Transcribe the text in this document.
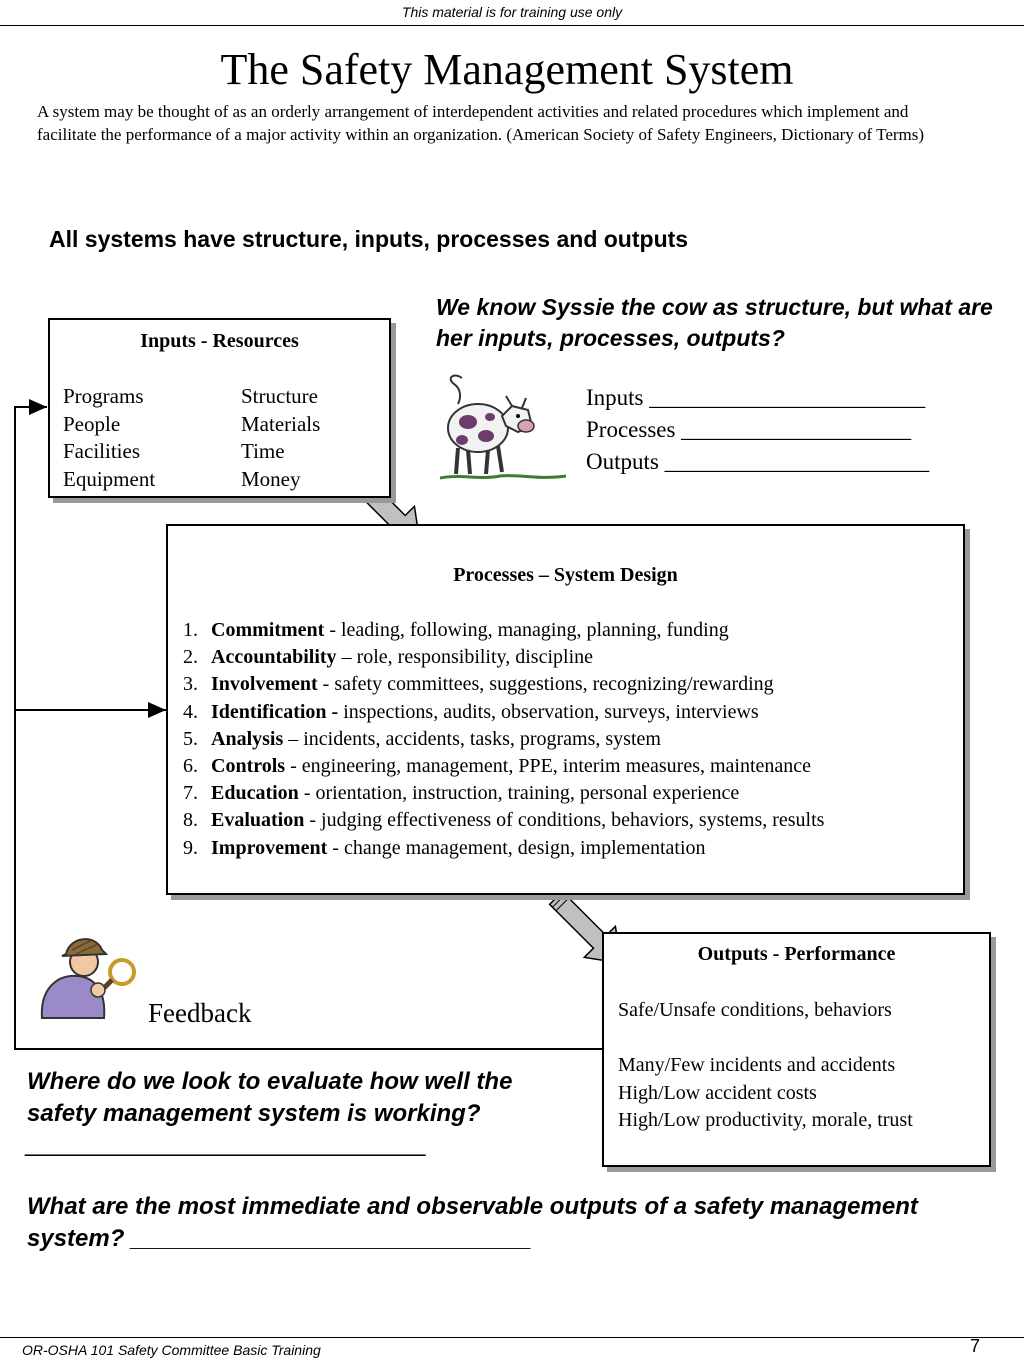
This material is for training use only
The Safety Management System
A system may be thought of as an orderly arrangement of interdependent activities and related procedures which implement and facilitate the performance of a major activity within an organization. (American Society of Safety Engineers, Dictionary of Terms)
All systems have structure, inputs, processes and outputs
Inputs - Resources
Programs
People
Facilities
Equipment
Structure
Materials
Time
Money
We know Syssie the cow as structure, but what are her inputs, processes, outputs?
Inputs ________________________
Processes ____________________
Outputs _______________________
Processes – System Design
1. Commitment - leading, following, managing, planning, funding
2. Accountability – role, responsibility, discipline
3. Involvement - safety committees, suggestions, recognizing/rewarding
4. Identification - inspections, audits, observation, surveys, interviews
5. Analysis – incidents, accidents, tasks, programs, system
6. Controls - engineering, management, PPE, interim measures, maintenance
7. Education - orientation, instruction, training, personal experience
8. Evaluation - judging effectiveness of conditions, behaviors, systems, results
9. Improvement - change management, design, implementation
Feedback
Outputs - Performance
Safe/Unsafe conditions, behaviors
Many/Few incidents and accidents
High/Low accident costs
High/Low productivity, morale, trust
Where do we look to evaluate how well the safety management system is working?
______________________________
What are the most immediate and observable outputs of a safety management system? ______________________________
OR-OSHA 101 Safety Committee Basic Training	7
